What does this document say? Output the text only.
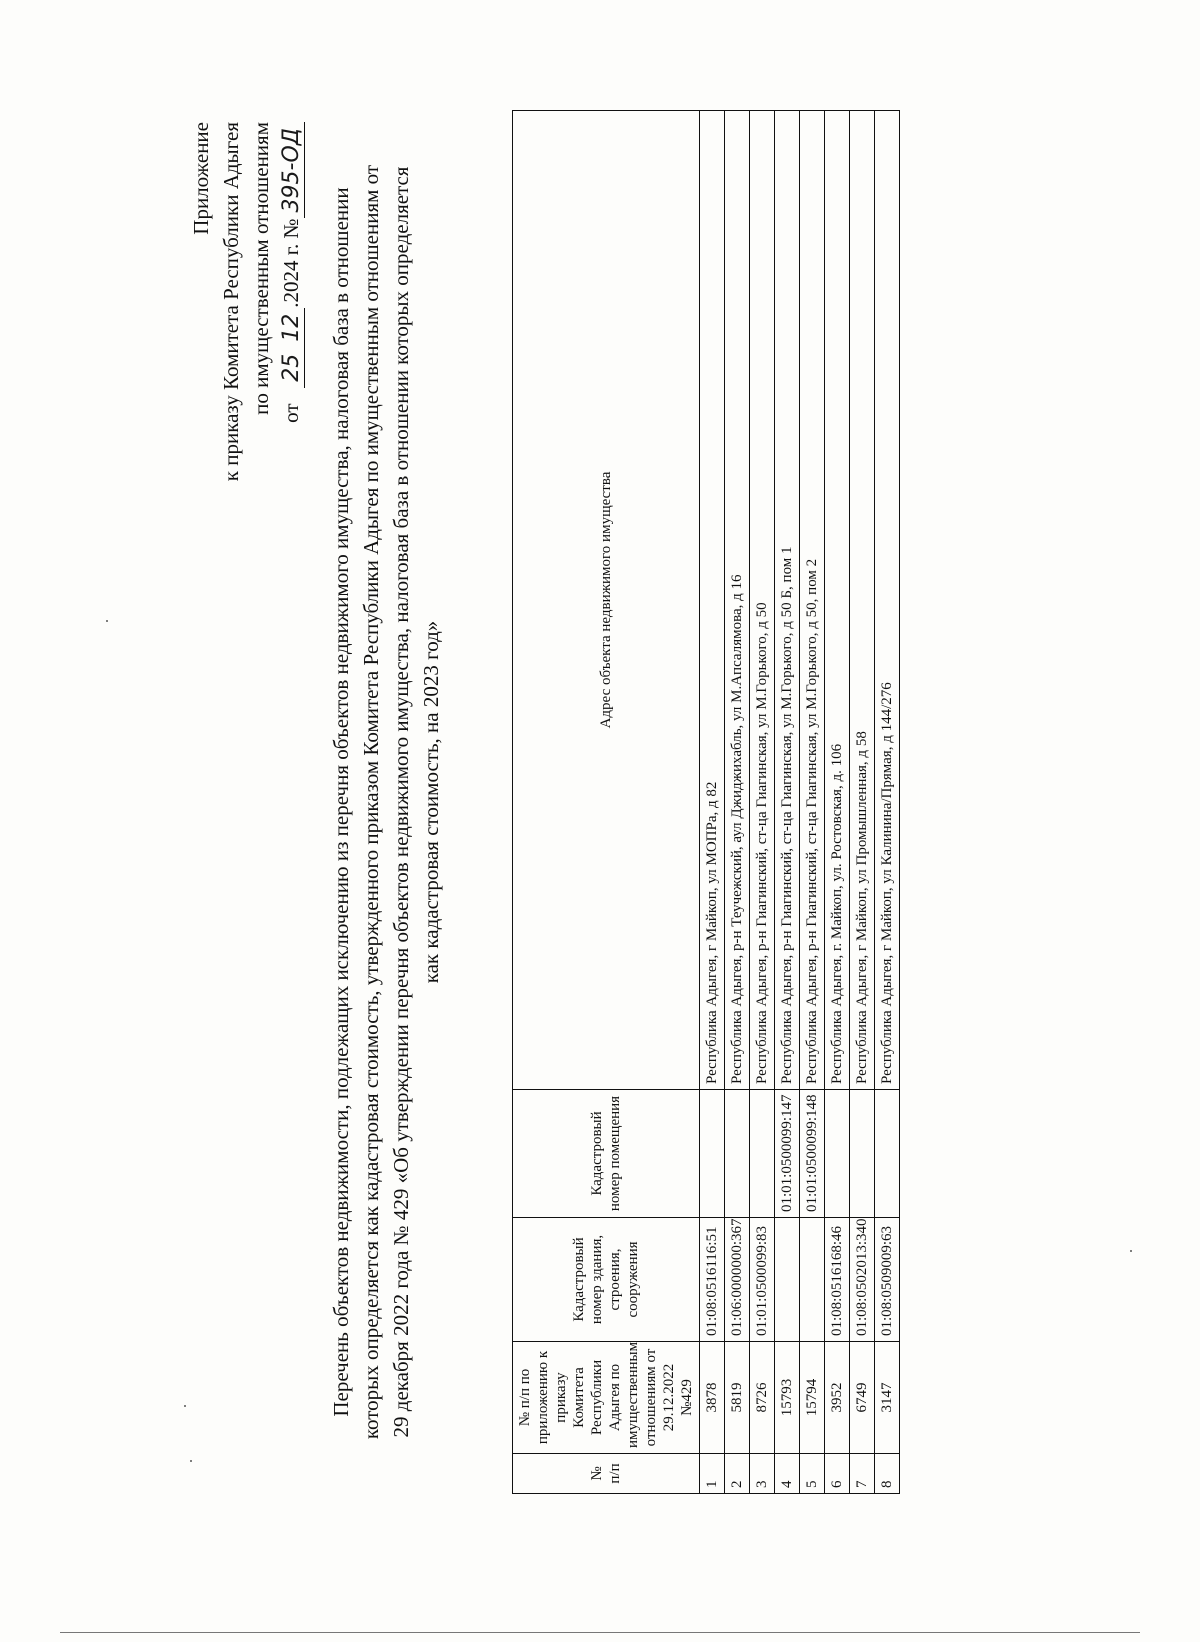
Приложение к приказу Комитета Республики Адыгея по имущественным отношениям от   2512.2024 г. №395-OД
Перечень объектов недвижимости, подлежащих исключению из перечня объектов недвижимого имущества, налоговая база в отношении которых определяется как кадастровая стоимость, утвержденного приказом Комитета Республики Адыгея по имущественным отношениям от 29 декабря 2022 года № 429 «Об утверждении перечня объектов недвижимого имущества, налоговая база в отношении которых определяется как кадастровая стоимость, на 2023 год»
№ п/п	№ п/п по приложению к приказу Комитета Республики Адыгея по имущественным отношениям от 29.12.2022 №429	Кадастровый номер здания, строения, сооружения	Кадастровый номер помещения	Адрес объекта недвижимого имущества
1	3878	01:08:0516116:51		Республика Адыгея, г Майкоп, ул МОПРа, д 82
2	5819	01:06:0000000:367		Республика Адыгея, р-н Теучежский, аул Джиджихабль, ул М.Апсалямова, д 16
3	8726	01:01:0500099:83		Республика Адыгея, р-н Гиагинский, ст-ца Гиагинская, ул М.Горького, д 50
4	15793		01:01:0500099:147	Республика Адыгея, р-н Гиагинский, ст-ца Гиагинская, ул М.Горького, д 50 Б, пом 1
5	15794		01:01:0500099:148	Республика Адыгея, р-н Гиагинский, ст-ца Гиагинская, ул М.Горького, д 50, пом 2
6	3952	01:08:0516168:46		Республика Адыгея, г. Майкоп, ул. Ростовская, д. 106
7	6749	01:08:0502013:340		Республика Адыгея, г Майкоп, ул Промышленная, д 58
8	3147	01:08:0509009:63		Республика Адыгея, г Майкоп, ул Калинина/Прямая, д 144/276
